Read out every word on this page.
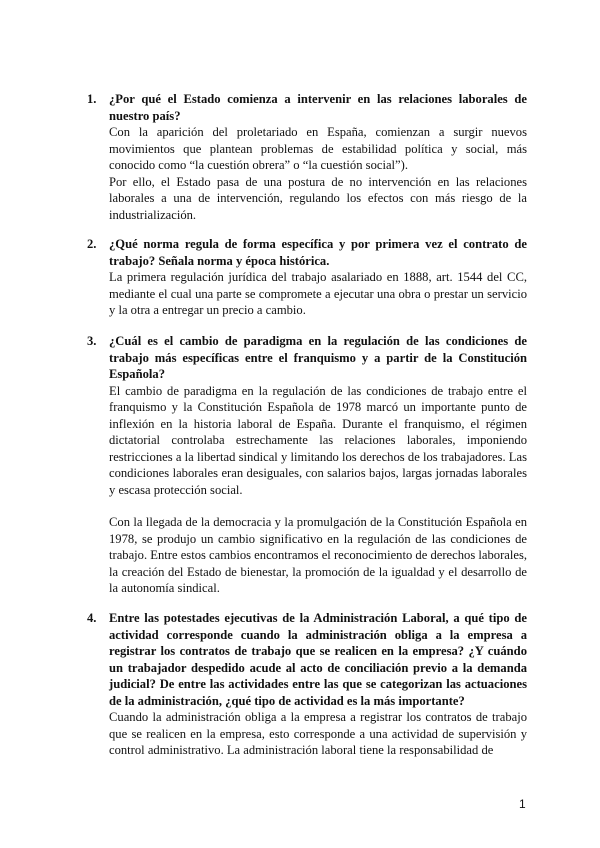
1. ¿Por qué el Estado comienza a intervenir en las relaciones laborales de nuestro país?

Con la aparición del proletariado en España, comienzan a surgir nuevos movimientos que plantean problemas de estabilidad política y social, más conocido como “la cuestión obrera” o “la cuestión social”).

Por ello, el Estado pasa de una postura de no intervención en las relaciones laborales a una de intervención, regulando los efectos con más riesgo de la industrialización.

2. ¿Qué norma regula de forma específica y por primera vez el contrato de trabajo? Señala norma y época histórica.

La primera regulación jurídica del trabajo asalariado en 1888, art. 1544 del CC, mediante el cual una parte se compromete a ejecutar una obra o prestar un servicio y la otra a entregar un precio a cambio.

3. ¿Cuál es el cambio de paradigma en la regulación de las condiciones de trabajo más específicas entre el franquismo y a partir de la Constitución Española?

El cambio de paradigma en la regulación de las condiciones de trabajo entre el franquismo y la Constitución Española de 1978 marcó un importante punto de inflexión en la historia laboral de España. Durante el franquismo, el régimen dictatorial controlaba estrechamente las relaciones laborales, imponiendo restricciones a la libertad sindical y limitando los derechos de los trabajadores. Las condiciones laborales eran desiguales, con salarios bajos, largas jornadas laborales y escasa protección social.

Con la llegada de la democracia y la promulgación de la Constitución Española en 1978, se produjo un cambio significativo en la regulación de las condiciones de trabajo. Entre estos cambios encontramos el reconocimiento de derechos laborales, la creación del Estado de bienestar, la promoción de la igualdad y el desarrollo de la autonomía sindical.

4. Entre las potestades ejecutivas de la Administración Laboral, a qué tipo de actividad corresponde cuando la administración obliga a la empresa a registrar los contratos de trabajo que se realicen en la empresa? ¿Y cuándo un trabajador despedido acude al acto de conciliación previo a la demanda judicial? De entre las actividades entre las que se categorizan las actuaciones de la administración, ¿qué tipo de actividad es la más importante?

Cuando la administración obliga a la empresa a registrar los contratos de trabajo que se realicen en la empresa, esto corresponde a una actividad de supervisión y control administrativo. La administración laboral tiene la responsabilidad de

1
